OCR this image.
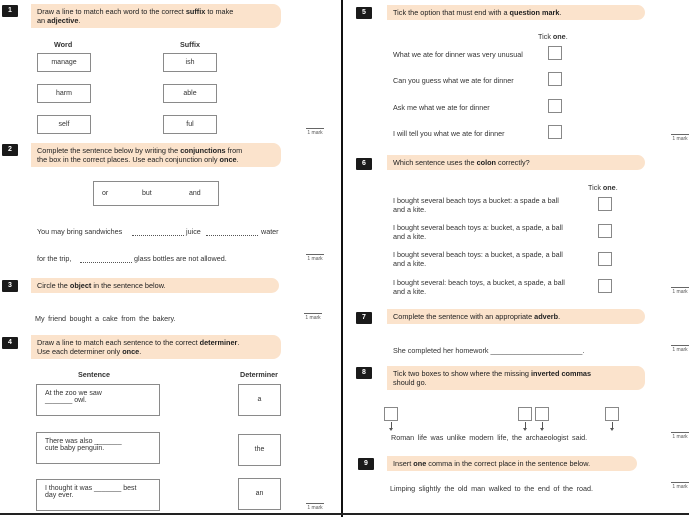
1	Draw a line to match each word to the correct suffix to make
an adjective.
Word	Suffix
manage
harm
self
ish
able
ful
1 mark
2	Complete the sentence below by writing the conjunctions from
the box in the correct places. Use each conjunction only once.
or	but	and
You may bring sandwiches	juice	water
for the trip,	glass bottles are not allowed.	1 mark
3	Circle the object in the sentence below.
My friend bought a cake from the bakery.	1 mark
4	Draw a line to match each sentence to the correct determiner.
Use each determiner only once.
Sentence	Determiner
At the zoo we saw
_______ owl.
There was also _______
cute baby penguin.
I thought it was _______ best
day ever.
a
the
an
1 mark
5	Tick the option that must end with a question mark.
Tick one.
What we ate for dinner was very unusual
Can you guess what we ate for dinner
Ask me what we ate for dinner
I will tell you what we ate for dinner
1 mark
6	Which sentence uses the colon correctly?
Tick one.
I bought several beach toys a bucket: a spade a ball
and a kite.
I bought several beach toys a: bucket, a spade, a ball
and a kite.
I bought several beach toys: a bucket, a spade, a ball
and a kite.
I bought several: beach toys, a bucket, a spade, a ball
and a kite.	1 mark
7	Complete the sentence with an appropriate adverb.
She completed her homework _______________________.	1 mark
8	Tick two boxes to show where the missing inverted commas
should go.
Roman life was unlike modern life, the archaeologist said.	1 mark
9	Insert one comma in the correct place in the sentence below.
Limping slightly the old man walked to the end of the road.	1 mark
